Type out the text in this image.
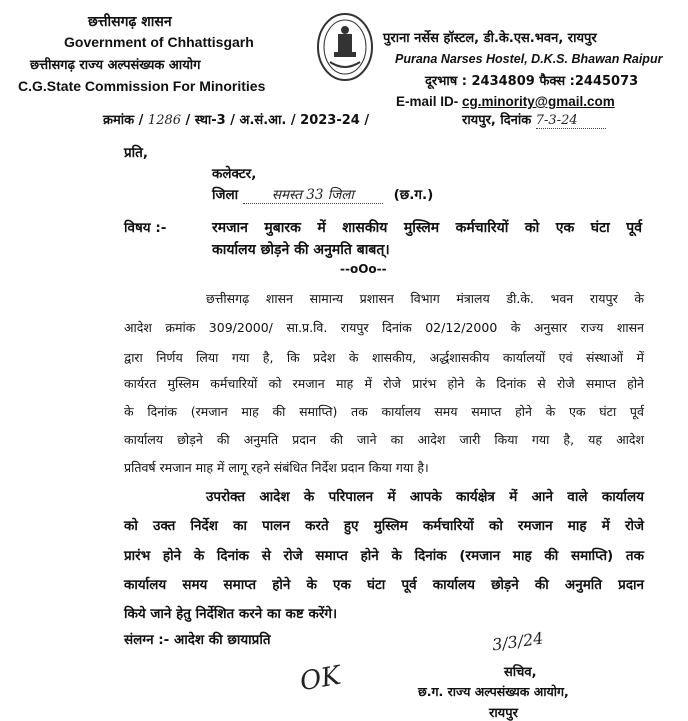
छत्तीसगढ़ शासन
Government of Chhattisgarh
छत्तीसगढ़ राज्य अल्पसंख्यक आयोग
C.G.State Commission For Minorities
पुराना नर्सेस हॉस्टल, डी.के.एस.भवन, रायपुर
Purana Narses Hostel, D.K.S. Bhawan Raipur
दूरभाष : 2434809 फैक्स :2445073
E-mail ID- cg.minority@gmail.com
क्रमांक / 1286 / स्था-3 / अ.सं.आ. / 2023-24 /	रायपुर, दिनांक 7-3-24
प्रति,
कलेक्टर,
जिला समस्त 33 जिला	(छ.ग.)
विषय :-	रमजान मुबारक में शासकीय मुस्लिम कर्मचारियों को एक घंटा पूर्व
कार्यालय छोड़ने की अनुमति बाबत्।
--oOo--
छत्तीसगढ़ शासन सामान्य प्रशासन विभाग मंत्रालय डी.के. भवन रायपुर के
आदेश क्रमांक 309/2000/ सा.प्र.वि. रायपुर दिनांक 02/12/2000 के अनुसार राज्य शासन
द्वारा निर्णय लिया गया है, कि प्रदेश के शासकीय, अर्द्धशासकीय कार्यालयों एवं संस्थाओं में
कार्यरत मुस्लिम कर्मचारियों को रमजान माह में रोजे प्रारंभ होने के दिनांक से रोजे समाप्त होने
के दिनांक (रमजान माह की समाप्ति) तक कार्यालय समय समाप्त होने के एक घंटा पूर्व
कार्यालय छोड़ने की अनुमति प्रदान की जाने का आदेश जारी किया गया है, यह आदेश
प्रतिवर्ष रमजान माह में लागू रहने संबंधित निर्देश प्रदान किया गया है।
उपरोक्त आदेश के परिपालन में आपके कार्यक्षेत्र में आने वाले कार्यालय
को उक्त निर्देश का पालन करते हुए मुस्लिम कर्मचारियों को रमजान माह में रोजे
प्रारंभ होने के दिनांक से रोजे समाप्त होने के दिनांक (रमजान माह की समाप्ति) तक
कार्यालय समय समाप्त होने के एक घंटा पूर्व कार्यालय छोड़ने की अनुमति प्रदान
किये जाने हेतु निर्देशित करने का कष्ट करेंगे।
संलग्न :- आदेश की छायाप्रति	3/3/24
OK	सचिव,
छ.ग. राज्य अल्पसंख्यक आयोग,
रायपुर
